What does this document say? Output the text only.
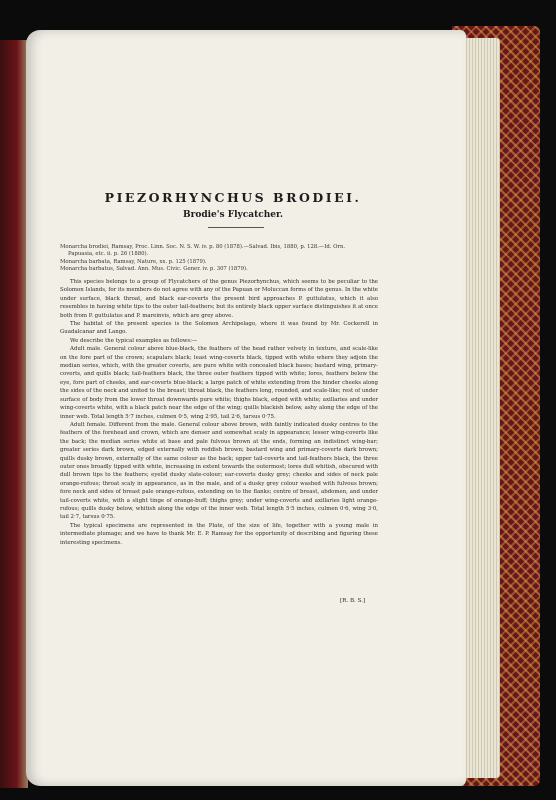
PIEZORHYNCHUS BRODIEI.
Brodie's Flycatcher.

Monarcha brodiei, Ramsay, Proc. Linn. Soc. N. S. W. iv. p. 80 (1878).—Salvad. Ibis, 1880, p. 128.—Id. Orn.

Papuasia, etc. ii. p. 26 (1880).

Monarcha barbata, Ramsay, Nature, xx. p. 125 (1879).

Monarcha barbatus, Salvad. Ann. Mus. Civic. Gener. iv. p. 307 (1879).

This species belongs to a group of Flycatchers of the genus Piezorhynchus, which seems to be peculiar to the Solomon Islands, for its members do not agree with any of the Papuan or Moluccan forms of the genus. In the white under surface, black throat, and black ear-coverts the present bird approaches P. guttulatus, which it also resembles in having white tips to the outer tail-feathers; but its entirely black upper surface distinguishes it at once both from P. guttulatus and P. mareinvis, which are grey above.

The habitat of the present species is the Solomon Archipelago, where it was found by Mr. Cockerell in Guadalcanar and Lango.

We describe the typical examples as follows:—

Adult male. General colour above blue-black, the feathers of the head rather velvety in texture, and scale-like on the fore part of the crown; scapulars black; least wing-coverts black, tipped with white where they adjoin the median series, which, with the greater coverts, are pure white with concealed black bases; bastard wing, primary-coverts, and quills black; tail-feathers black, the three outer feathers tipped with white; lores, feathers below the eye, fore part of cheeks, and ear-coverts blue-black; a large patch of white extending from the hinder cheeks along the sides of the neck and united to the breast; throat black, the feathers long, rounded, and scale-like; rest of under surface of body from the lower throat downwards pure white; thighs black, edged with white; axillaries and under wing-coverts white, with a black patch near the edge of the wing; quills blackish below, ashy along the edge of the inner web. Total length 5·7 inches, culmen 0·5, wing 2·95, tail 2·6, tarsus 0·75.

Adult female. Different from the male. General colour above brown, with faintly indicated dusky centres to the feathers of the forehead and crown, which are denser and somewhat scaly in appearance; lesser wing-coverts like the back; the median series white at base and pale fulvous brown at the ends, forming an indistinct wing-bar; greater series dark brown, edged externally with reddish brown; bastard wing and primary-coverts dark brown; quills dusky brown, externally of the same colour as the back; upper tail-coverts and tail-feathers black, the three outer ones broadly tipped with white, increasing in extent towards the outermost; lores dull whitish, obscured with dull brown tips to the feathers; eyelid dusky slate-colour; ear-coverts dusky grey; cheeks and sides of neck pale orange-rufous; throat scaly in appearance, as in the male, and of a dusky grey colour washed with fulvous brown; fore neck and sides of breast pale orange-rufous, extending on to the flanks; centre of breast, abdomen, and under tail-coverts white, with a slight tinge of orange-buff; thighs grey; under wing-coverts and axillaries light orange-rufous; quills dusky below, whitish along the edge of the inner web. Total length 5·5 inches, culmen 0·6, wing 3·0, tail 2·7, tarsus 0·75.

The typical specimens are represented in the Plate, of the size of life, together with a young male in intermediate plumage; and we have to thank Mr. E. P. Ramsay for the opportunity of describing and figuring these interesting specimens.

[R. B. S.]
